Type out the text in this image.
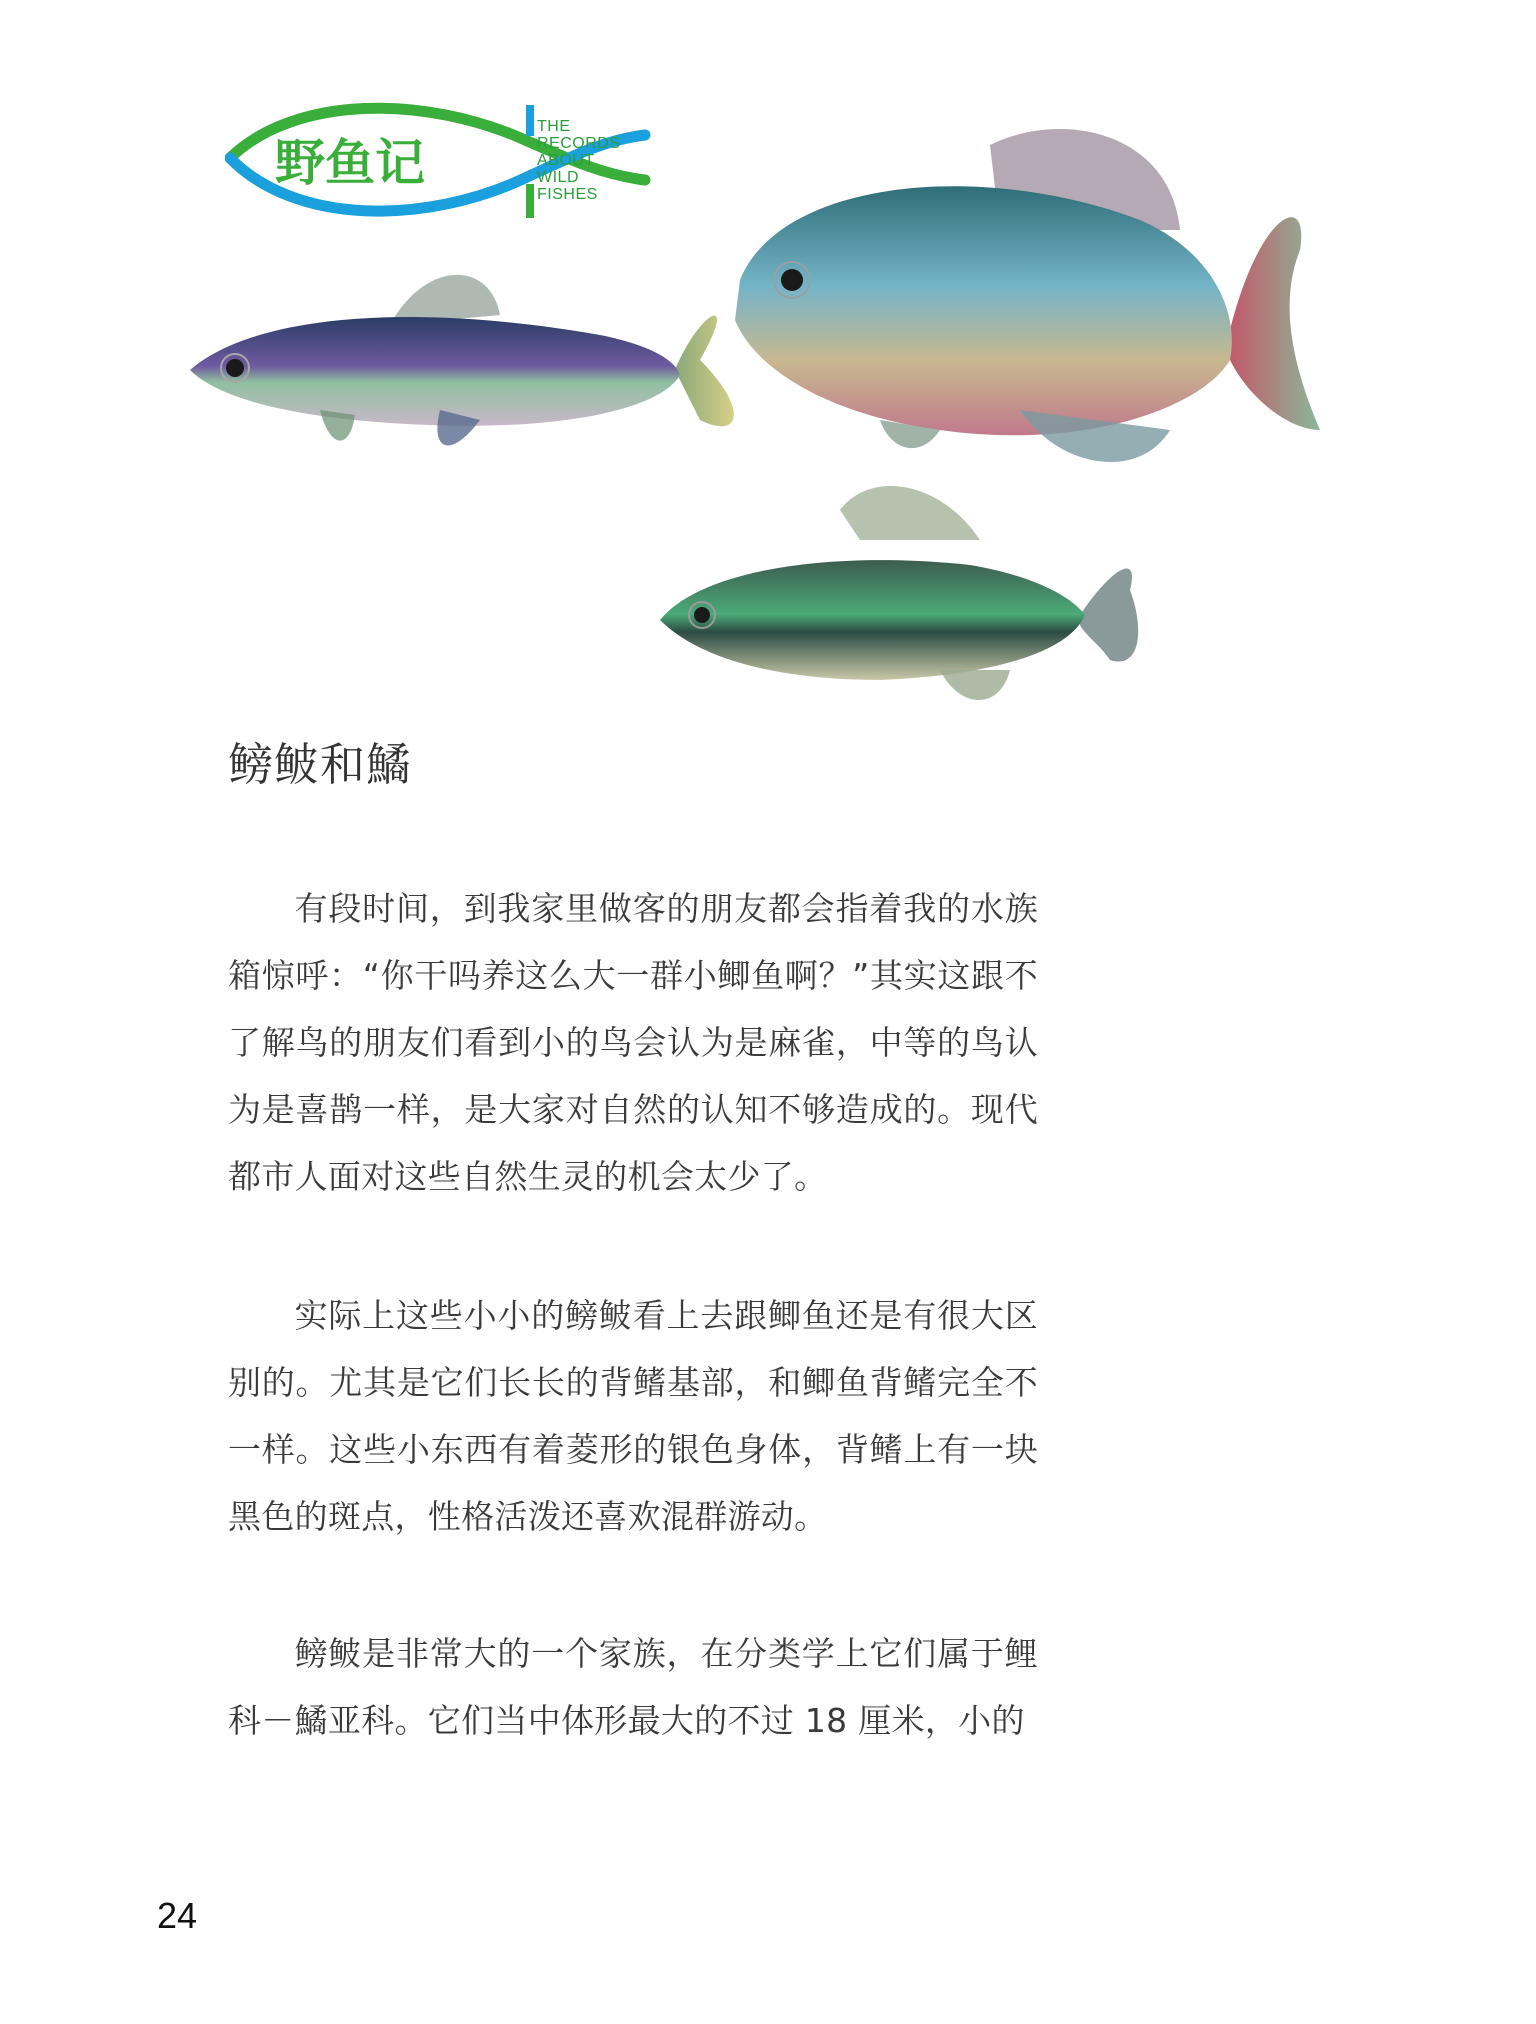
野鱼记
THE
RECORDS
ABOUT
WILD
FISHES
鳑鲏和鱊
有段时间，到我家里做客的朋友都会指着我的水族箱惊呼：“你干吗养这么大一群小鲫鱼啊？”其实这跟不了解鸟的朋友们看到小的鸟会认为是麻雀，中等的鸟认为是喜鹊一样，是大家对自然的认知不够造成的。现代都市人面对这些自然生灵的机会太少了。
实际上这些小小的鳑鲏看上去跟鲫鱼还是有很大区别的。尤其是它们长长的背鳍基部，和鲫鱼背鳍完全不一样。这些小东西有着菱形的银色身体，背鳍上有一块黑色的斑点，性格活泼还喜欢混群游动。
鳑鲏是非常大的一个家族，在分类学上它们属于鲤科－鱊亚科。它们当中体形最大的不过 18 厘米，小的
24
